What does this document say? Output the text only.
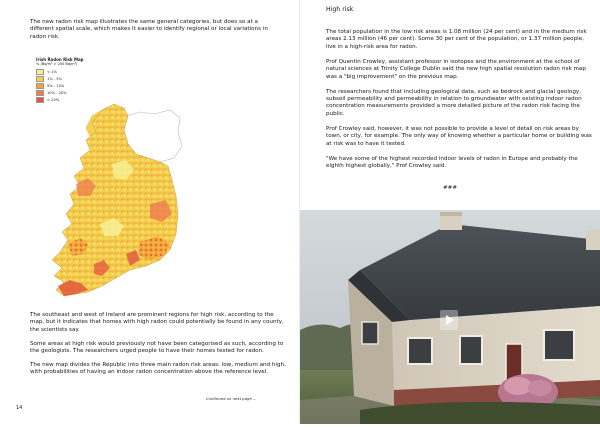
The new radon risk map illustrates the same general categories, but does so at a different spatial scale, which makes it easier to identify regional or local variations in radon risk.

Irish Radon Risk Map
% (Bq/m³ > 200 Bq/m³)
< 1%
1% - 5%
5% - 10%
10% - 20%
> 20%

The southeast and west of Ireland are prominent regions for high risk, according to the map, but it indicates that homes with high radon could potentially be found in any county, the scientists say.

Some areas at high risk would previously not have been categorised as such, according to the geologists. The researchers urged people to have their homes tested for radon.

The new map divides the Republic into three main radon risk areas: low, medium and high, with probabilities of having an indoor radon concentration above the reference level.

Continued on next page ...
14
High risk

The total population in the low risk areas is 1.08 million (24 per cent) and in the medium risk areas 2.13 million (46 per cent). Some 30 per cent of the population, or 1.37 million people, live in a high-risk area for radon.

Prof Quentin Crowley, assistant professor in isotopes and the environment at the school of natural sciences at Trinity College Dublin said the new high spatial resolution radon risk map was a "big improvement" on the previous map.

The researchers found that including geological data, such as bedrock and glacial geology, subsoil permeability and permeability in relation to groundwater with existing indoor radon concentration measurements provided a more detailed picture of the radon risk facing the public.

Prof Crowley said, however, it was not possible to provide a level of detail on risk areas by town, or city, for example. The only way of knowing whether a particular home or building was at risk was to have it tested.

"We have some of the highest recorded indoor levels of radon in Europe and probably the eighth highest globally," Prof Crowley said.

###
